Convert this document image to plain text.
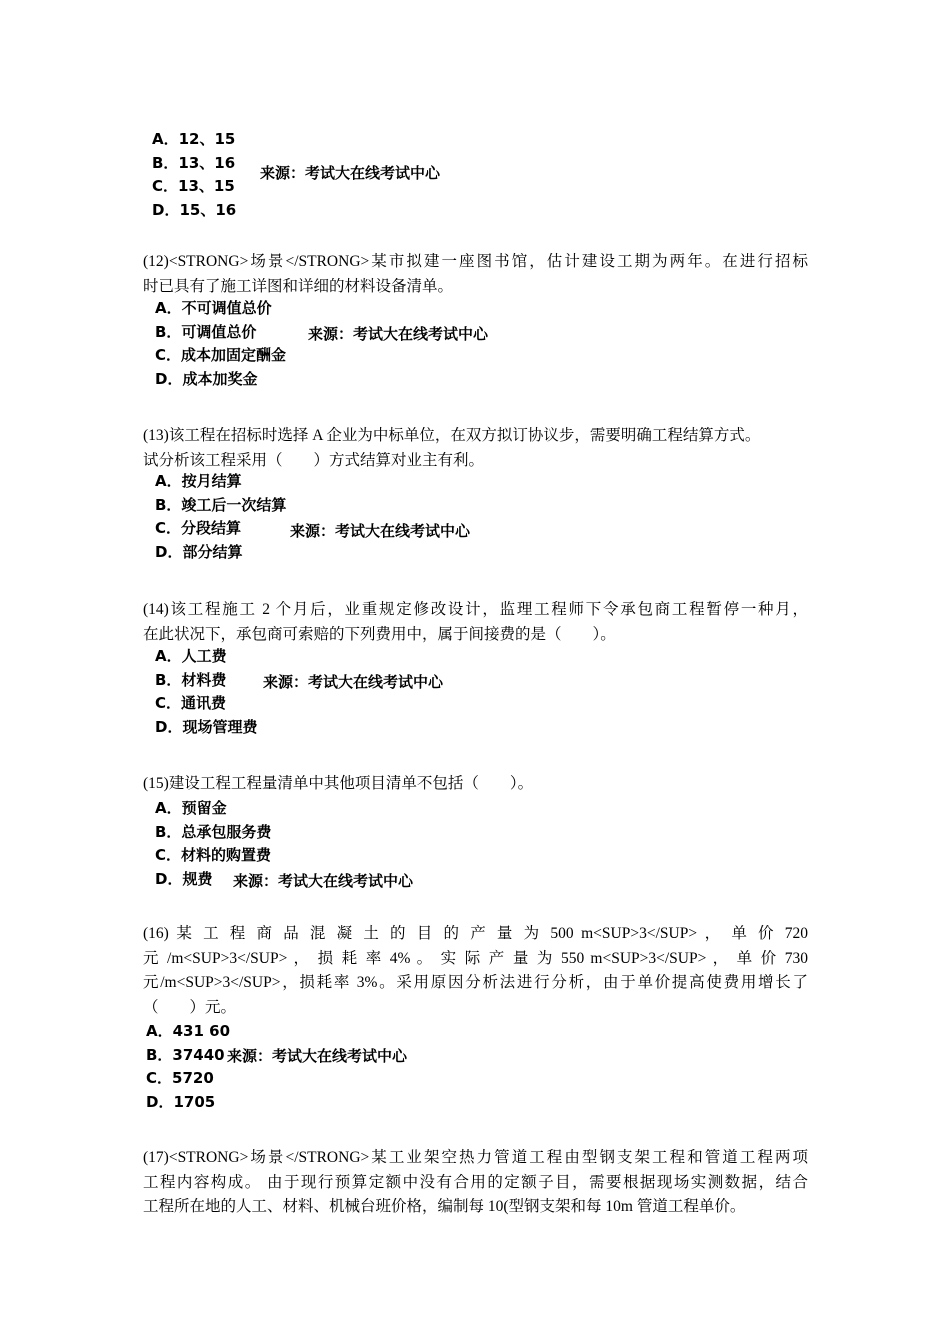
A．12、15
B．13、16
C．13、15
D．15、16
来源：考试大在线考试中心

(12)<STRONG>场景</STRONG>某市拟建一座图书馆，估计建设工期为两年。在进行招标

时已具有了施工详图和详细的材料设备清单。

A．不可调值总价
B．可调值总价
C．成本加固定酬金
D．成本加奖金
来源：考试大在线考试中心

(13)该工程在招标时选择 A 企业为中标单位，在双方拟订协议步，需要明确工程结算方式。

试分析该工程采用（　　）方式结算对业主有利。

A．按月结算
B．竣工后一次结算
C．分段结算
D．部分结算
来源：考试大在线考试中心

(14)该工程施工 2 个月后，业重规定修改设计，监理工程师下令承包商工程暂停一种月，

在此状况下，承包商可索赔的下列费用中，属于间接费的是（　　）。

A．人工费
B．材料费
C．通讯费
D．现场管理费
来源：考试大在线考试中心

(15)建设工程工程量清单中其他项目清单不包括（　　）。

A．预留金
B．总承包服务费
C．材料的购置费
D．规费	来源：考试大在线考试中心

(16) 某 工 程 商 品 混 凝 土 的 目 的 产 量 为 500 m<SUP>3</SUP> ， 单 价 720

元 /m<SUP>3</SUP> ， 损 耗 率 4% 。 实 际 产 量 为 550 m<SUP>3</SUP> ， 单 价 730

元/m<SUP>3</SUP>，损耗率 3%。采用原因分析法进行分析，由于单价提高使费用增长了

（　　）元。

A．431 60
B．37440
C．5720
D．1705
来源：考试大在线考试中心

(17)<STRONG>场景</STRONG>某工业架空热力管道工程由型钢支架工程和管道工程两项

工程内容构成。 由于现行预算定额中没有合用的定额子目，需要根据现场实测数据，结合

工程所在地的人工、材料、机械台班价格，编制每 10(型钢支架和每 10m 管道工程单价。
